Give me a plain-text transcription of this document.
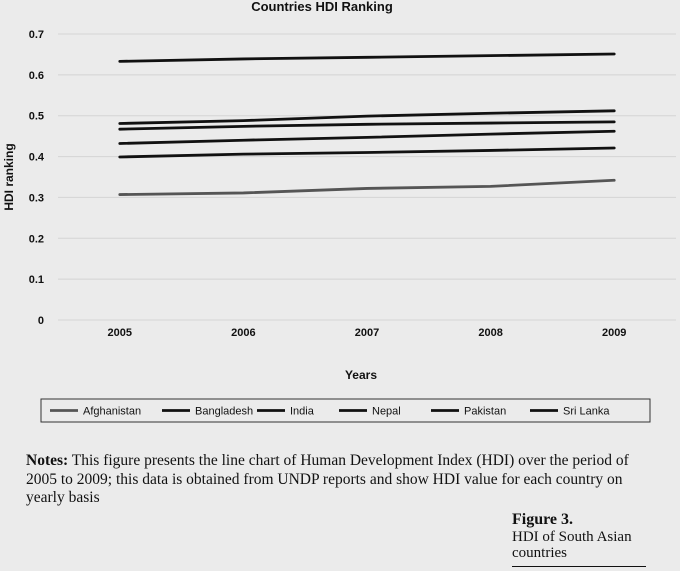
Countries HDI Ranking
0
0.1
0.2
0.3
0.4
0.5
0.6
0.7
2005	2006	2007	2008	2009
HDI ranking
Years
Afghanistan	Bangladesh	India	Nepal	Pakistan	Sri Lanka
Notes: This figure presents the line chart of Human Development Index (HDI) over the period of 2005 to 2009; this data is obtained from UNDP reports and show HDI value for each country on yearly basis
Figure 3.
HDI of South Asian countries
